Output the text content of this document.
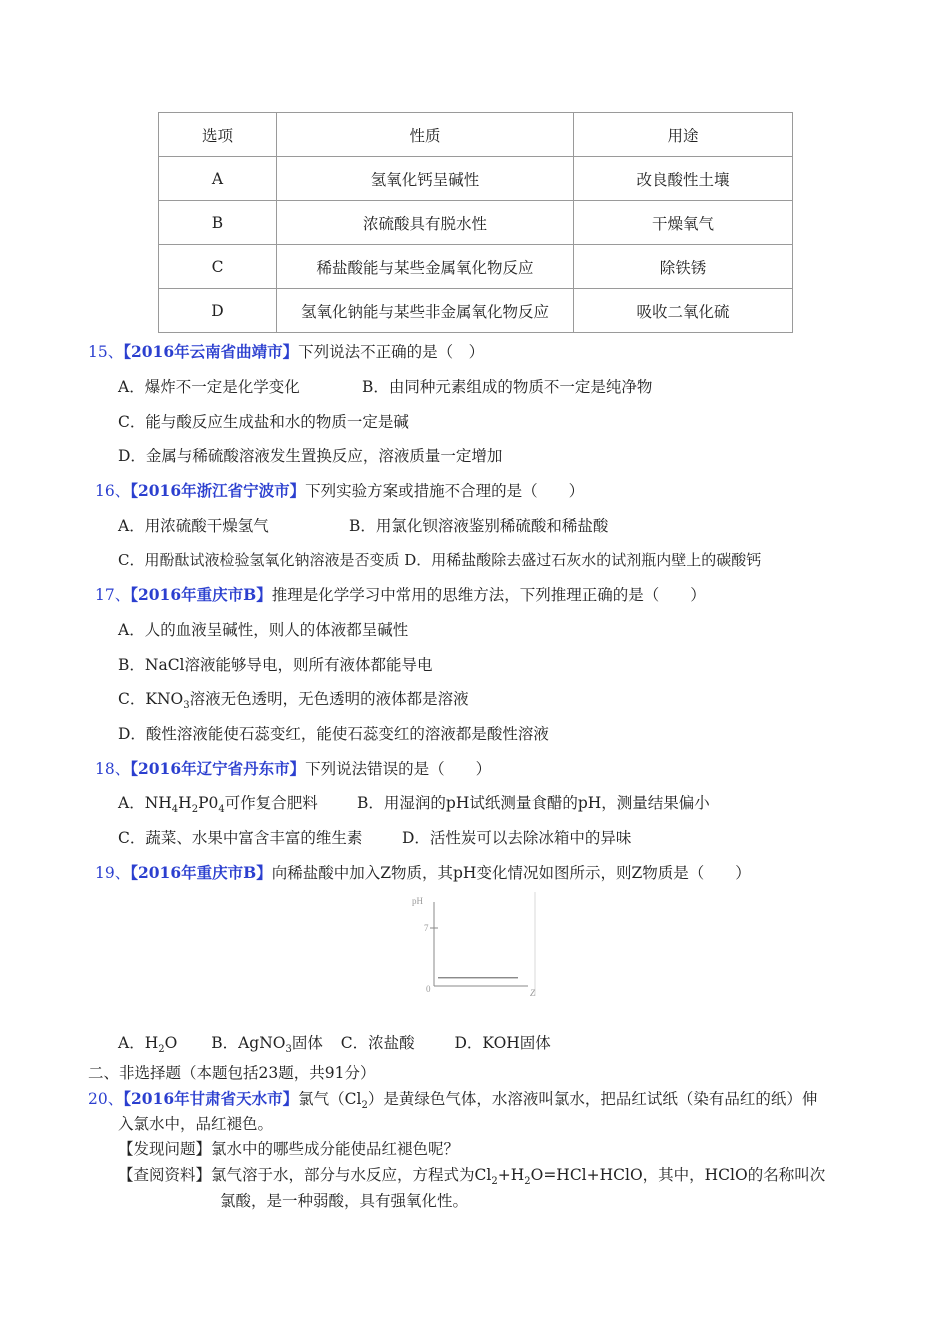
选项	性质	用途
A	氢氧化钙呈碱性	改良酸性土壤
B	浓硫酸具有脱水性	干燥氧气
C	稀盐酸能与某些金属氧化物反应	除铁锈
D	氢氧化钠能与某些非金属氧化物反应	吸收二氧化硫
15、【2016年云南省曲靖市】下列说法不正确的是（　）
A．爆炸不一定是化学变化	B．由同种元素组成的物质不一定是纯净物
C．能与酸反应生成盐和水的物质一定是碱
D．金属与稀硫酸溶液发生置换反应，溶液质量一定增加
16、【2016年浙江省宁波市】下列实验方案或措施不合理的是（　　）
A．用浓硫酸干燥氢气	B．用氯化钡溶液鉴别稀硫酸和稀盐酸
C．用酚酞试液检验氢氧化钠溶液是否变质 D．用稀盐酸除去盛过石灰水的试剂瓶内壁上的碳酸钙
17、【2016年重庆市B】推理是化学学习中常用的思维方法，下列推理正确的是（　　）
A．人的血液呈碱性，则人的体液都呈碱性
B．NaCl溶液能够导电，则所有液体都能导电
C．$KNO_3$溶液无色透明，无色透明的液体都是溶液
D．酸性溶液能使石蕊变红，能使石蕊变红的溶液都是酸性溶液
18、【2016年辽宁省丹东市】下列说法错误的是（　　）
A．$NH_4H_2P0_4$可作复合肥料	B．用湿润的pH试纸测量食醋的pH，测量结果偏小
C．蔬菜、水果中富含丰富的维生素	D．活性炭可以去除冰箱中的异味
19、【2016年重庆市B】向稀盐酸中加入Z物质，其pH变化情况如图所示，则Z物质是（　　）
pH
7
0	Z
A．$H_2O$ B．AgNO$_3$固体 C．浓盐酸	D．KOH固体
二、非选择题（本题包括23题，共91分）
20、【2016年甘肃省天水市】氯气$(Cl_2)$是黄绿色气体，水溶液叫氯水，把品红试纸（染有品红的纸）伸
入氯水中，品红褪色。
【发现问题】氯水中的哪些成分能使品红褪色呢？
【查阅资料】氯气溶于水，部分与水反应，方程式为$Cl_2+H_2O=HCl+HClO$，其中，HClO的名称叫次
氯酸，是一种弱酸，具有强氧化性。
